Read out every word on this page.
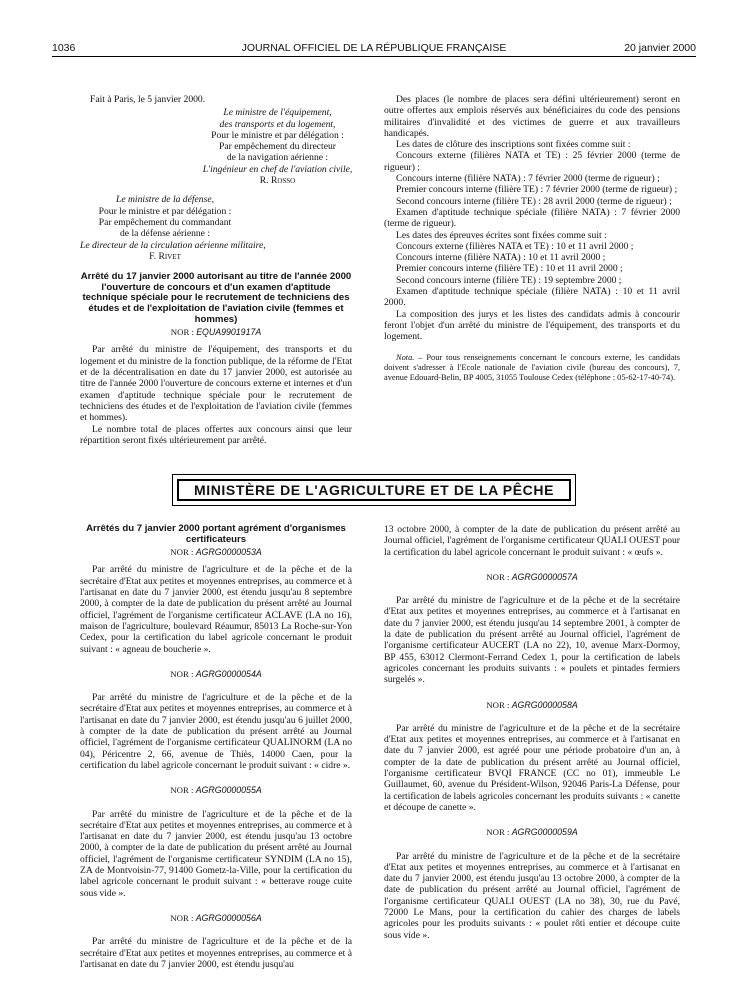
1036	JOURNAL OFFICIEL DE LA RÉPUBLIQUE FRANÇAISE	20 janvier 2000
Fait à Paris, le 5 janvier 2000.
Le ministre de l'équipement,
des transports et du logement,
Pour le ministre et par délégation :
Par empêchement du directeur
de la navigation aérienne :
L'ingénieur en chef de l'aviation civile,
R. Rosso
Le ministre de la défense,
Pour le ministre et par délégation :
Par empêchement du commandant
de la défense aérienne :
Le directeur de la circulation aérienne militaire,
F. Rivet
Arrêté du 17 janvier 2000 autorisant au titre de l'année 2000 l'ouverture de concours et d'un examen d'aptitude technique spéciale pour le recrutement de techniciens des études et de l'exploitation de l'aviation civile (femmes et hommes)
NOR : EQUA9901917A

Par arrêté du ministre de l'équipement, des transports et du logement et du ministre de la fonction publique, de la réforme de l'Etat et de la décentralisation en date du 17 janvier 2000, est autorisée au titre de l'année 2000 l'ouverture de concours externe et internes et d'un examen d'aptitude technique spéciale pour le recrutement de techniciens des études et de l'exploitation de l'aviation civile (femmes et hommes).

Le nombre total de places offertes aux concours ainsi que leur répartition seront fixés ultérieurement par arrêté.

Des places (le nombre de places sera défini ultérieurement) seront en outre offertes aux emplois réservés aux bénéficiaires du code des pensions militaires d'invalidité et des victimes de guerre et aux travailleurs handicapés.

Les dates de clôture des inscriptions sont fixées comme suit :

Concours externe (filières NATA et TE) : 25 février 2000 (terme de rigueur) ;

Concours interne (filière NATA) : 7 février 2000 (terme de rigueur) ;

Premier concours interne (filière TE) : 7 février 2000 (terme de rigueur) ;

Second concours interne (filière TE) : 28 avril 2000 (terme de rigueur) ;

Examen d'aptitude technique spéciale (filière NATA) : 7 février 2000 (terme de rigueur).

Les dates des épreuves écrites sont fixées comme suit :

Concours externe (filières NATA et TE) : 10 et 11 avril 2000 ;

Concours interne (filière NATA) : 10 et 11 avril 2000 ;

Premier concours interne (filière TE) : 10 et 11 avril 2000 ;

Second concours interne (filière TE) : 19 septembre 2000 ;

Examen d'aptitude technique spéciale (filière NATA) : 10 et 11 avril 2000.

La composition des jurys et les listes des candidats admis à concourir feront l'objet d'un arrêté du ministre de l'équipement, des transports et du logement.

Nota. – Pour tous renseignements concernant le concours externe, les candidats doivent s'adresser à l'Ecole nationale de l'aviation civile (bureau des concours), 7, avenue Edouard-Belin, BP 4005, 31055 Toulouse Cedex (téléphone : 05-62-17-40-74).
MINISTÈRE DE L'AGRICULTURE ET DE LA PÊCHE
Arrêtés du 7 janvier 2000 portant agrément d'organismes certificateurs
NOR : AGRG0000053A

Par arrêté du ministre de l'agriculture et de la pêche et de la secrétaire d'Etat aux petites et moyennes entreprises, au commerce et à l'artisanat en date du 7 janvier 2000, est étendu jusqu'au 8 septembre 2000, à compter de la date de publication du présent arrêté au Journal officiel, l'agrément de l'organisme certificateur ACLAVE (LA no 16), maison de l'agriculture, boulevard Réaumur, 85013 La Roche-sur-Yon Cedex, pour la certification du label agricole concernant le produit suivant : « agneau de boucherie ».

NOR : AGRG0000054A

Par arrêté du ministre de l'agriculture et de la pêche et de la secrétaire d'Etat aux petites et moyennes entreprises, au commerce et à l'artisanat en date du 7 janvier 2000, est étendu jusqu'au 6 juillet 2000, à compter de la date de publication du présent arrêté au Journal officiel, l'agrément de l'organisme certificateur QUALINORM (LA no 04), Péricentre 2, 66, avenue de Thiès, 14000 Caen, pour la certification du label agricole concernant le produit suivant : « cidre ».

NOR : AGRG0000055A

Par arrêté du ministre de l'agriculture et de la pêche et de la secrétaire d'Etat aux petites et moyennes entreprises, au commerce et à l'artisanat en date du 7 janvier 2000, est étendu jusqu'au 13 octobre 2000, à compter de la date de publication du présent arrêté au Journal officiel, l'agrément de l'organisme certificateur SYNDIM (LA no 15), ZA de Montvoisin-77, 91400 Gometz-la-Ville, pour la certification du label agricole concernant le produit suivant : « betterave rouge cuite sous vide ».

NOR : AGRG0000056A

Par arrêté du ministre de l'agriculture et de la pêche et de la secrétaire d'Etat aux petites et moyennes entreprises, au commerce et à l'artisanat en date du 7 janvier 2000, est étendu jusqu'au

13 octobre 2000, à compter de la date de publication du présent arrêté au Journal officiel, l'agrément de l'organisme certificateur QUALI OUEST pour la certification du label agricole concernant le produit suivant : « œufs ».

NOR : AGRG0000057A

Par arrêté du ministre de l'agriculture et de la pêche et de la secrétaire d'Etat aux petites et moyennes entreprises, au commerce et à l'artisanat en date du 7 janvier 2000, est étendu jusqu'au 14 septembre 2001, à compter de la date de publication du présent arrêté au Journal officiel, l'agrément de l'organisme certificateur AUCERT (LA no 22), 10, avenue Marx-Dormoy, BP 455, 63012 Clermont-Ferrand Cedex 1, pour la certification de labels agricoles concernant les produits suivants : « poulets et pintades fermiers surgelés ».

NOR : AGRG0000058A

Par arrêté du ministre de l'agriculture et de la pêche et de la secrétaire d'Etat aux petites et moyennes entreprises, au commerce et à l'artisanat en date du 7 janvier 2000, est agréé pour une période probatoire d'un an, à compter de la date de publication du présent arrêté au Journal officiel, l'organisme certificateur BVQI FRANCE (CC no 01), immeuble Le Guillaumet, 60, avenue du Président-Wilson, 92046 Paris-La Défense, pour la certification de labels agricoles concernant les produits suivants : « canette et découpe de canette ».

NOR : AGRG0000059A

Par arrêté du ministre de l'agriculture et de la pêche et de la secrétaire d'Etat aux petites et moyennes entreprises, au commerce et à l'artisanat en date du 7 janvier 2000, est étendu jusqu'au 13 octobre 2000, à compter de la date de publication du présent arrêté au Journal officiel, l'agrément de l'organisme certificateur QUALI OUEST (LA no 38), 30, rue du Pavé, 72000 Le Mans, pour la certification du cahier des charges de labels agricoles pour les produits suivants : « poulet rôti entier et découpe cuite sous vide ».
